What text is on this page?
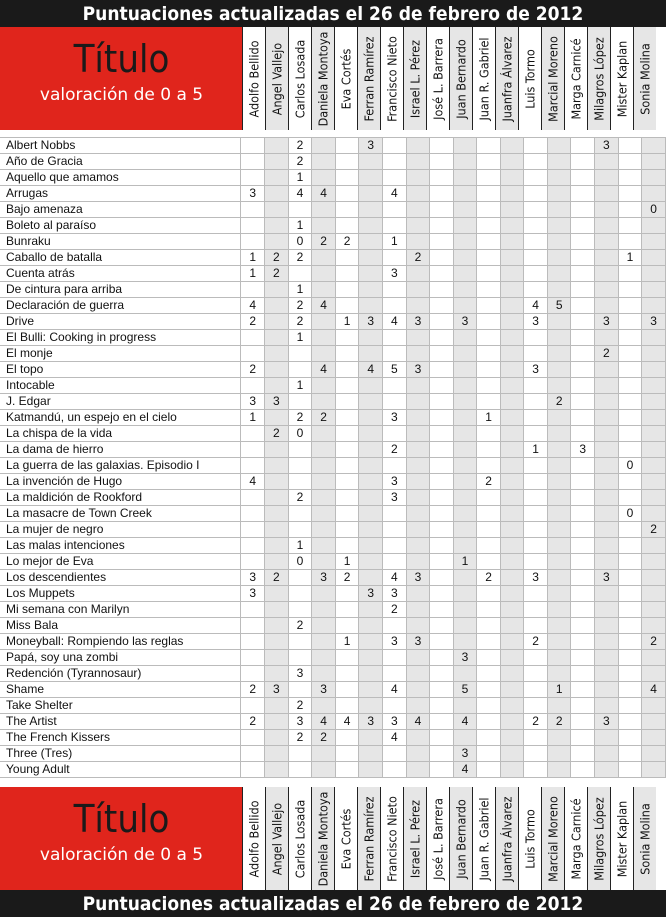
Puntuaciones actualizadas el 26 de febrero de 2012
Título
valoración de 0 a 5	Adolfo Bellido Angel Vallejo Carlos Losada Daniela Montoya Eva Cortés Ferran Ramírez Francisco Nieto Israel L. Pérez José L. Barrera Juan Bernardo Juan R. Gabriel Juanfra Álvarez Luis Tormo Marcial Moreno Marga Carnicé Milagros López Mister Kaplan Sonia Molina
Albert Nobbs			2			3										3		
Año de Gracia			2															
Aquello que amamos			1															
Arrugas	3		4	4			4											
Bajo amenaza																		0
Boleto al paraíso			1															
Bunraku			0	2	2		1											
Caballo de batalla	1	2	2					2									1	
Cuenta atrás	1	2					3											
De cintura para arriba			1															
Declaración de guerra	4		2	4									4	5				
Drive	2		2		1	3	4	3		3			3			3		3
El Bulli: Cooking in progress			1															
El monje																2		
El topo	2			4		4	5	3					3					
Intocable			1															
J. Edgar	3	3												2				
Katmandú, un espejo en el cielo	1		2	2			3				1							
La chispa de la vida		2	0															
La dama de hierro							2						1		3			
La guerra de las galaxias. Episodio I																	0	
La invención de Hugo	4						3				2							
La maldición de Rookford			2				3											
La masacre de Town Creek																	0	
La mujer de negro																		2
Las malas intenciones			1															
Lo mejor de Eva			0		1					1								
Los descendientes	3	2		3	2		4	3			2		3			3		
Los Muppets	3					3	3											
Mi semana con Marilyn							2											
Miss Bala			2															
Moneyball: Rompiendo las reglas					1		3	3					2					2
Papá, soy una zombi										3								
Redención (Tyrannosaur)			3															
Shame	2	3		3			4			5				1				4
Take Shelter			2															
The Artist	2		3	4	4	3	3	4		4			2	2		3		
The French Kissers			2	2			4											
Three (Tres)										3								
Young Adult										4								
Título
valoración de 0 a 5	Adolfo Bellido Angel Vallejo Carlos Losada Daniela Montoya Eva Cortés Ferran Ramírez Francisco Nieto Israel L. Pérez José L. Barrera Juan Bernardo Juan R. Gabriel Juanfra Álvarez Luis Tormo Marcial Moreno Marga Carnicé Milagros López Mister Kaplan Sonia Molina
Puntuaciones actualizadas el 26 de febrero de 2012
